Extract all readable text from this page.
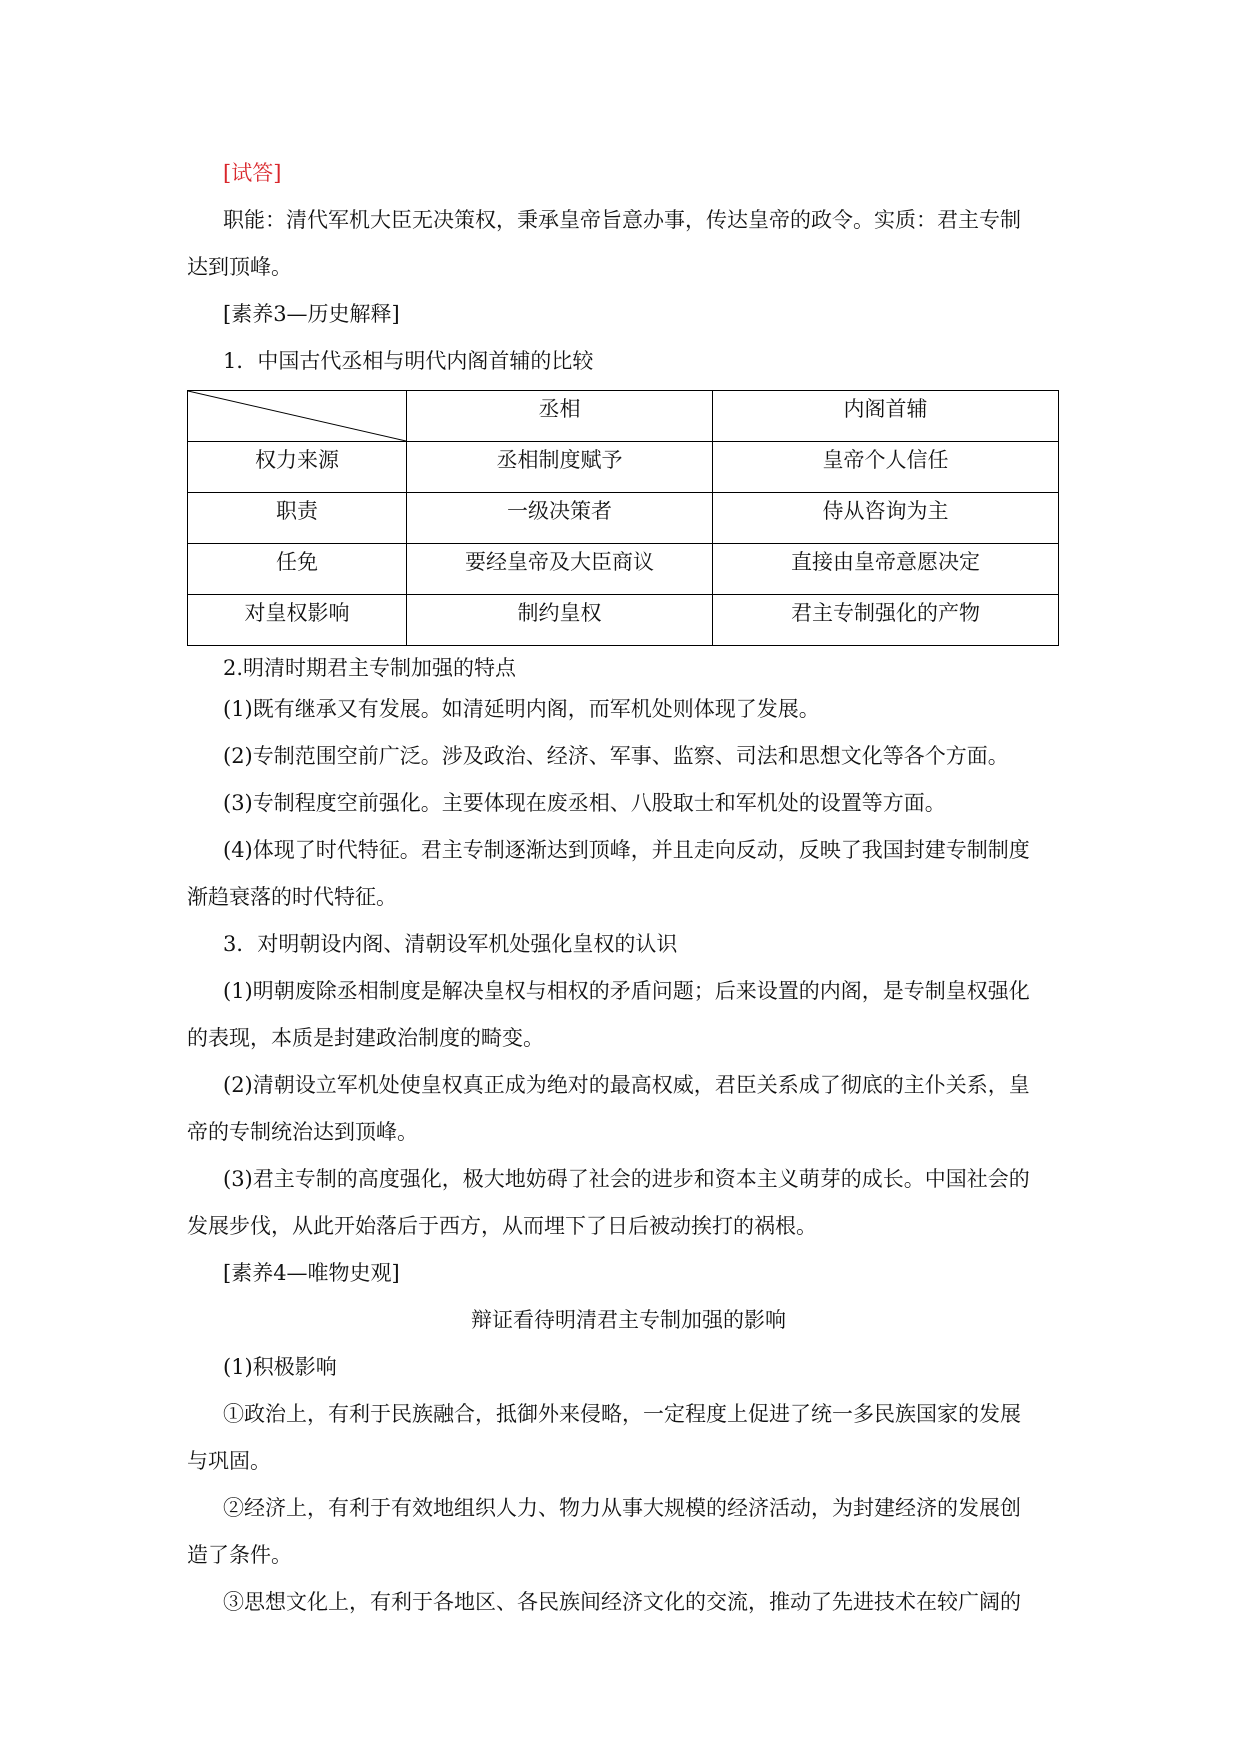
[试答]

职能：清代军机大臣无决策权，秉承皇帝旨意办事，传达皇帝的政令。实质：君主专制

达到顶峰。

[素养3—历史解释]

1．中国古代丞相与明代内阁首辅的比较

	丞相	内阁首辅
权力来源	丞相制度赋予	皇帝个人信任
职责	一级决策者	侍从咨询为主
任免	要经皇帝及大臣商议	直接由皇帝意愿决定
对皇权影响	制约皇权	君主专制强化的产物

2.明清时期君主专制加强的特点

(1)既有继承又有发展。如清延明内阁，而军机处则体现了发展。

(2)专制范围空前广泛。涉及政治、经济、军事、监察、司法和思想文化等各个方面。

(3)专制程度空前强化。主要体现在废丞相、八股取士和军机处的设置等方面。

(4)体现了时代特征。君主专制逐渐达到顶峰，并且走向反动，反映了我国封建专制制度

渐趋衰落的时代特征。

3．对明朝设内阁、清朝设军机处强化皇权的认识

(1)明朝废除丞相制度是解决皇权与相权的矛盾问题；后来设置的内阁，是专制皇权强化

的表现，本质是封建政治制度的畸变。

(2)清朝设立军机处使皇权真正成为绝对的最高权威，君臣关系成了彻底的主仆关系，皇

帝的专制统治达到顶峰。

(3)君主专制的高度强化，极大地妨碍了社会的进步和资本主义萌芽的成长。中国社会的

发展步伐，从此开始落后于西方，从而埋下了日后被动挨打的祸根。

[素养4—唯物史观]

辩证看待明清君主专制加强的影响

(1)积极影响

①政治上，有利于民族融合，抵御外来侵略，一定程度上促进了统一多民族国家的发展

与巩固。

②经济上，有利于有效地组织人力、物力从事大规模的经济活动，为封建经济的发展创

造了条件。

③思想文化上，有利于各地区、各民族间经济文化的交流，推动了先进技术在较广阔的
